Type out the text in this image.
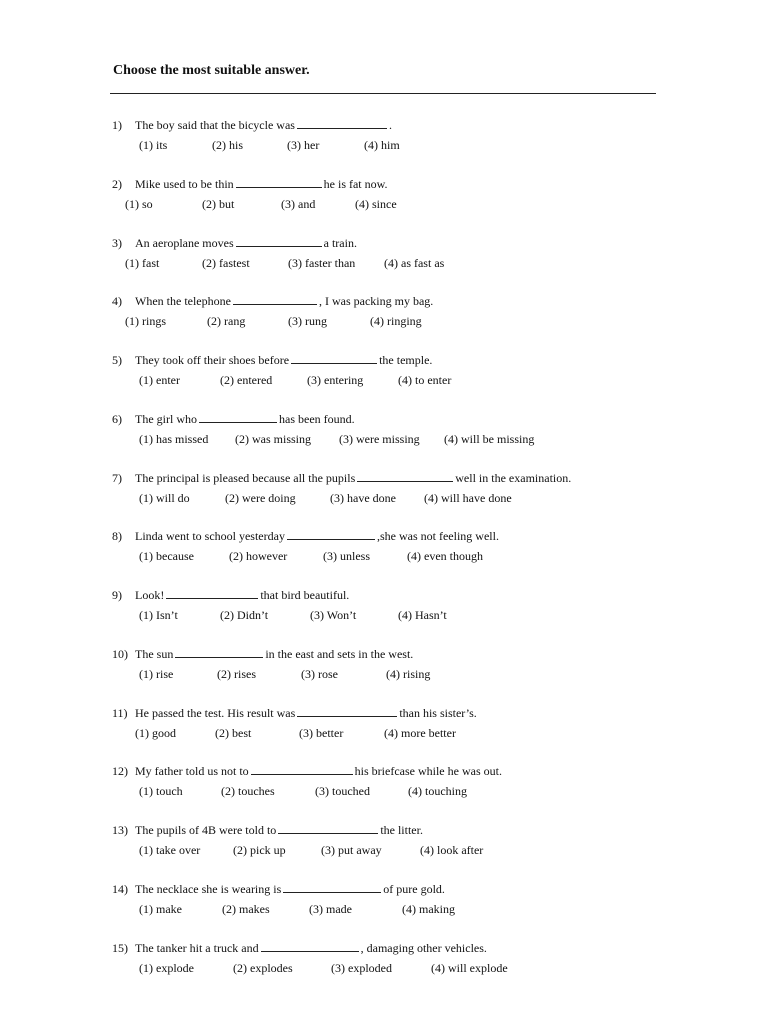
Choose the most suitable answer.
1) The boy said that the bicycle was	.
(1) its	(2) his	(3) her	(4) him
2) Mike used to be thin	he is fat now.
(1) so	(2) but	(3) and	(4) since
3) An aeroplane moves	a train.
(1) fast	(2) fastest	(3) faster than (4) as fast as
4) When the telephone	, I was packing my bag.
(1) rings	(2) rang	(3) rung	(4) ringing
5) They took off their shoes before	the temple.
(1) enter	(2) entered	(3) entering	(4) to enter
6) The girl who	has been found.
(1) has missed (2) was missing (3) were missing (4) will be missing
7) The principal is pleased because all the pupils	well in the examination.
(1) will do	(2) were doing	(3) have done (4) will have done
8) Linda went to school yesterday	,she was not feeling well.
(1) because	(2) however	(3) unless	(4) even though
9) Look!	that bird beautiful.
(1) Isn’t	(2) Didn’t	(3) Won’t	(4) Hasn’t
10) The sun	in the east and sets in the west.
(1) rise	(2) rises	(3) rose	(4) rising
11) He passed the test. His result was	than his sister’s.
(1) good	(2) best	(3) better	(4) more better
12) My father told us not to	his briefcase while he was out.
(1) touch	(2) touches	(3) touched	(4) touching
13) The pupils of 4B were told to	the litter.
(1) take over	(2) pick up	(3) put away	(4) look after
14) The necklace she is wearing is	of pure gold.
(1) make	(2) makes	(3) made	(4) making
15) The tanker hit a truck and	, damaging other vehicles.
(1) explode	(2) explodes	(3) exploded	(4) will explode
